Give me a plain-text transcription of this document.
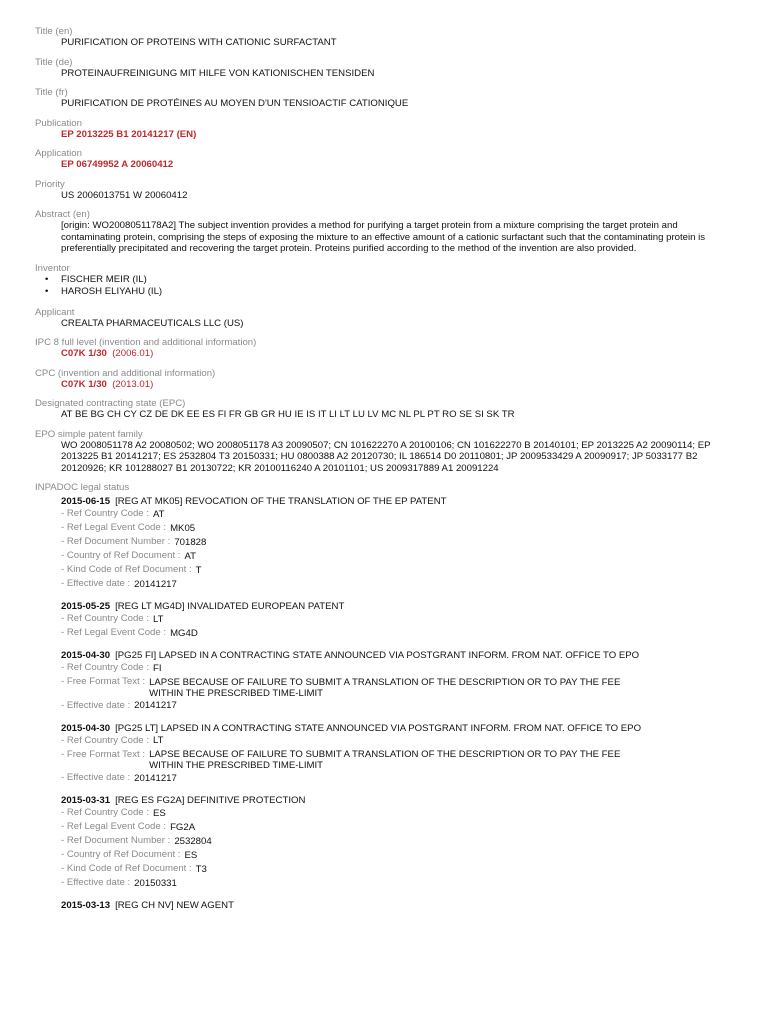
Title (en)
PURIFICATION OF PROTEINS WITH CATIONIC SURFACTANT
Title (de)
PROTEINAUFREINIGUNG MIT HILFE VON KATIONISCHEN TENSIDEN
Title (fr)
PURIFICATION DE PROTÉINES AU MOYEN D'UN TENSIOACTIF CATIONIQUE
Publication
EP 2013225 B1 20141217 (EN)
Application
EP 06749952 A 20060412
Priority
US 2006013751 W 20060412
Abstract (en)
[origin: WO2008051178A2] The subject invention provides a method for purifying a target protein from a mixture comprising the target protein and contaminating protein, comprising the steps of exposing the mixture to an effective amount of a cationic surfactant such that the contaminating protein is preferentially precipitated and recovering the target protein. Proteins purified according to the method of the invention are also provided.
Inventor
• FISCHER MEIR (IL)
• HAROSH ELIYAHU (IL)
Applicant
CREALTA PHARMACEUTICALS LLC (US)
IPC 8 full level (invention and additional information)
C07K 1/30 (2006.01)
CPC (invention and additional information)
C07K 1/30 (2013.01)
Designated contracting state (EPC)
AT BE BG CH CY CZ DE DK EE ES FI FR GB GR HU IE IS IT LI LT LU LV MC NL PL PT RO SE SI SK TR
EPO simple patent family
WO 2008051178 A2 20080502; WO 2008051178 A3 20090507; CN 101622270 A 20100106; CN 101622270 B 20140101; EP 2013225 A2 20090114; EP 2013225 B1 20141217; ES 2532804 T3 20150331; HU 0800388 A2 20120730; IL 186514 D0 20110801; JP 2009533429 A 20090917; JP 5033177 B2 20120926; KR 101288027 B1 20130722; KR 20100116240 A 20101101; US 2009317889 A1 20091224
INPADOC legal status
2015-06-15 [REG AT MK05] REVOCATION OF THE TRANSLATION OF THE EP PATENT
- Ref Country Code : AT
- Ref Legal Event Code : MK05
- Ref Document Number : 701828
- Country of Ref Document : AT
- Kind Code of Ref Document : T
- Effective date : 20141217
2015-05-25 [REG LT MG4D] INVALIDATED EUROPEAN PATENT
- Ref Country Code : LT
- Ref Legal Event Code : MG4D
2015-04-30 [PG25 FI] LAPSED IN A CONTRACTING STATE ANNOUNCED VIA POSTGRANT INFORM. FROM NAT. OFFICE TO EPO
- Ref Country Code : FI
- Free Format Text : LAPSE BECAUSE OF FAILURE TO SUBMIT A TRANSLATION OF THE DESCRIPTION OR TO PAY THE FEE WITHIN THE PRESCRIBED TIME-LIMIT
- Effective date : 20141217
2015-04-30 [PG25 LT] LAPSED IN A CONTRACTING STATE ANNOUNCED VIA POSTGRANT INFORM. FROM NAT. OFFICE TO EPO
- Ref Country Code : LT
- Free Format Text : LAPSE BECAUSE OF FAILURE TO SUBMIT A TRANSLATION OF THE DESCRIPTION OR TO PAY THE FEE WITHIN THE PRESCRIBED TIME-LIMIT
- Effective date : 20141217
2015-03-31 [REG ES FG2A] DEFINITIVE PROTECTION
- Ref Country Code : ES
- Ref Legal Event Code : FG2A
- Ref Document Number : 2532804
- Country of Ref Document : ES
- Kind Code of Ref Document : T3
- Effective date : 20150331
2015-03-13 [REG CH NV] NEW AGENT
